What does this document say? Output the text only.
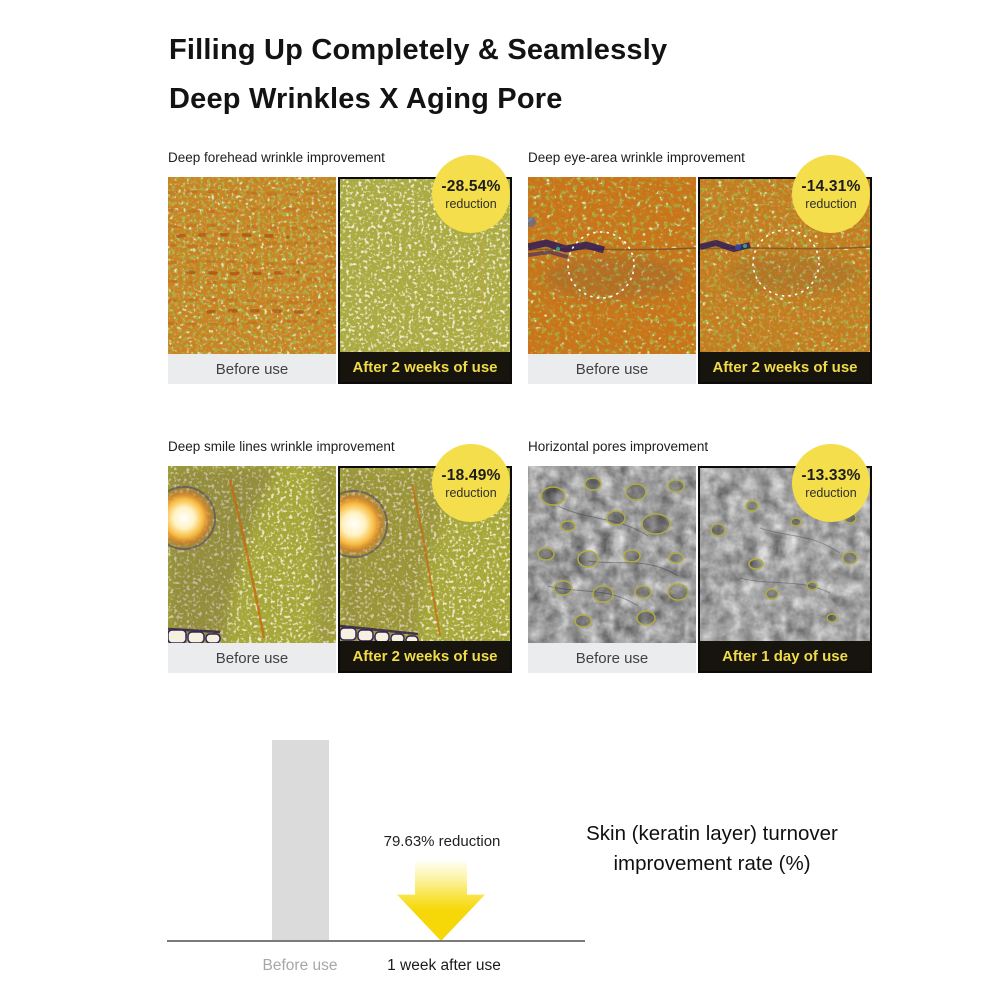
Filling Up Completely & Seamlessly
Deep Wrinkles X Aging Pore
Deep forehead wrinkle improvement
Before use	After 2 weeks of use
-28.54%
reduction
Deep eye-area wrinkle improvement
Before use	After 2 weeks of use
-14.31%
reduction
Deep smile lines wrinkle improvement
Before use	After 2 weeks of use
-18.49%
reduction
Horizontal pores improvement
Before use	After 1 day of use
-13.33%
reduction
79.63% reduction
Before use	1 week after use
Skin (keratin layer) turnover
improvement rate (%)
